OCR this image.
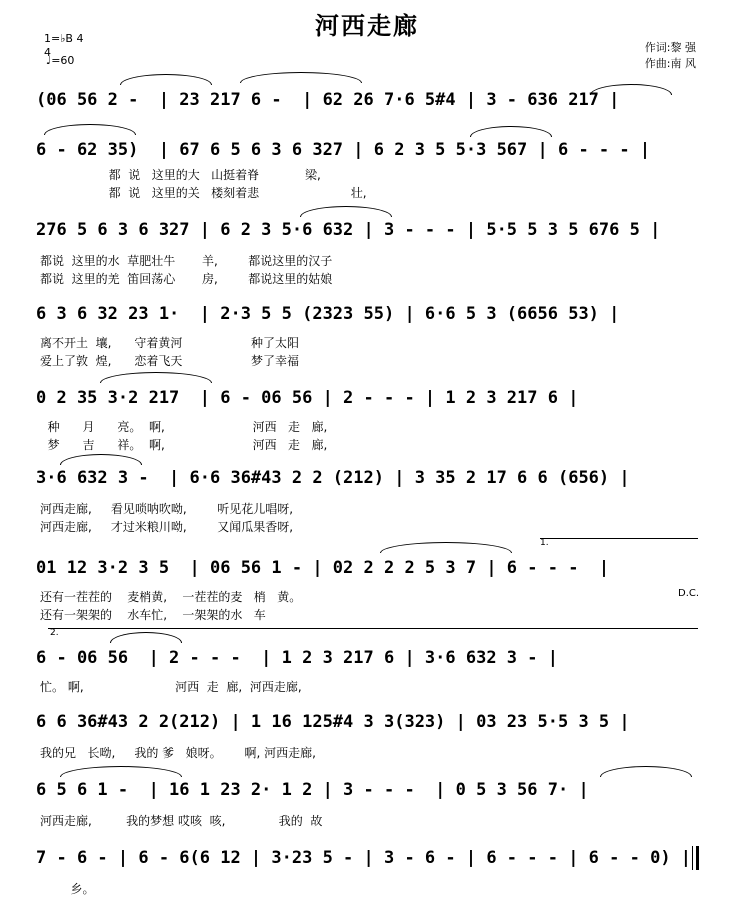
河西走廊
1=♭B 4
4
♩=60
作词:黎 强
作曲:南 风
(06 56 2 -  | 23 217 6 -  | 62 26 7·6 5#4 | 3 - 636 217 |
6 - 62 35)  | 67 6 5 6 3 6 327 | 6 2 3 5 5·3 567 | 6 - - - |
276 5 6 3 6 327 | 6 2 3 5·6 632 | 3 - - - | 5·5 5 3 5 676 5 |
6 3 6 32 23 1·  | 2·3 5 5 (2323 55) | 6·6 5 3 (6656 53) |
0 2 35 3·2 217  | 6 - 06 56 | 2 - - - | 1 2 3 217 6 |
3·6 632 3 -  | 6·6 36#43 2 2 (212) | 3 35 2 17 6 6 (656) |
01 12 3·2 3 5  | 06 56 1 - | 02 2 2 2 5 3 7 | 6 - - -  |
6 - 06 56  | 2 - - -  | 1 2 3 217 6 | 3·6 632 3 - |
6 6 36#43 2 2(212) | 1 16 125#4 3 3(323) | 03 23 5·5 3 5 |
6 5 6 1 -  | 16 1 23 2· 1 2 | 3 - - -  | 0 5 3 56 7· |
7 - 6 - | 6 - 6(6 12 | 3·23 5 - | 3 - 6 - | 6 - - - | 6 - - 0) |
都  说   这里的大   山挺着脊            梁,
都  说   这里的关   楼刻着悲                        壮,
都说  这里的水  草肥壮牛       羊,        都说这里的汉子
都说  这里的羌  笛回荡心       房,        都说这里的姑娘
离不开土  壤,      守着黄河                  种了太阳
爱上了敦  煌,      恋着飞天                  梦了幸福
种      月      亮。  啊,                       河西   走   廊,
梦      吉      祥。  啊,                       河西   走   廊,
河西走廊,     看见唢呐吹呦,        听见花儿唱呀,
河西走廊,     才过米粮川呦,        又闻瓜果香呀,
还有一茬茬的    麦梢黄,    一茬茬的麦   梢   黄。
还有一架架的    水车忙,    一架架的水   车
忙。 啊,                        河西  走  廊,  河西走廊,
我的兄   长呦,     我的 爹   娘呀。      啊, 河西走廊,
河西走廊,         我的梦想 哎咳  咳,              我的  故
乡。
1.
D.C.
2.
